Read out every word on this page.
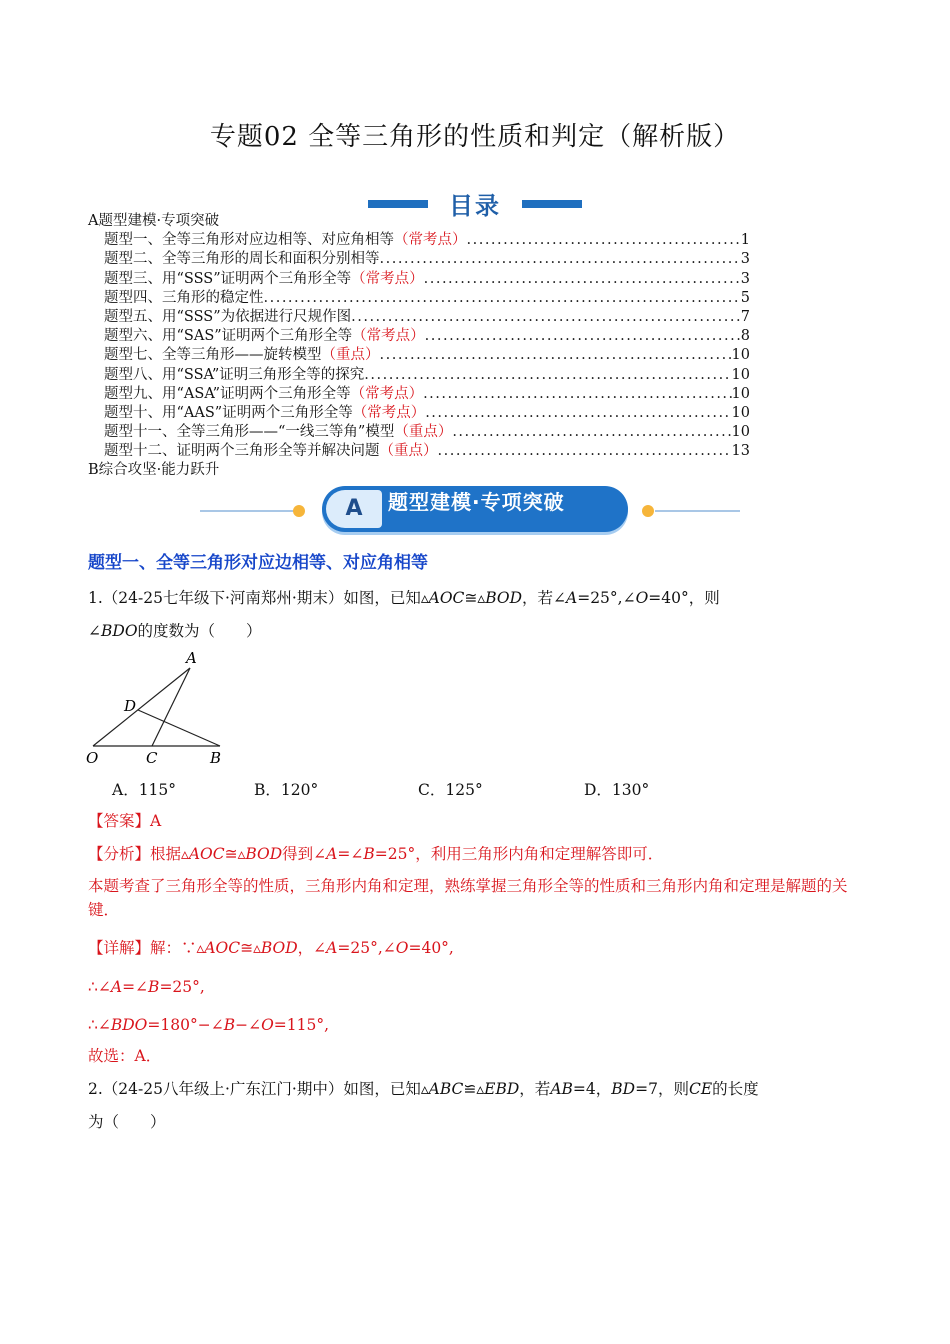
专题02 全等三角形的性质和判定（解析版）
目录
A题型建模·专项突破
题型一、全等三角形对应边相等、对应角相等 （常考点） .....	1
题型二、全等三角形的周长和面积分别相等 .....	3
题型三、用“SSS”证明两个三角形全等 （常考点） .....	3
题型四、三角形的稳定性 .....	5
题型五、用“SSS”为依据进行尺规作图 .....	7
题型六、用“SAS”证明两个三角形全等 （常考点） .....	8
题型七、全等三角形——旋转模型 （重点） .....	10
题型八、用“SSA”证明三角形全等的探究 .....	10
题型九、用“ASA”证明两个三角形全等 （常考点） .....	10
题型十、用“AAS”证明两个三角形全等 （常考点） .....	10
题型十一、全等三角形——“一线三等角”模型 （重点） .....	10
题型十二、证明两个三角形全等并解决问题 （重点） .....	13
B综合攻坚·能力跃升
A	题型建模·专项突破
题型一、全等三角形对应边相等、对应角相等
1.（24-25七年级下·河南郑州·期末）如图，已知▵AOC≅▵BOD，若∠A=25°,∠O=40°，则
∠BDO的度数为（　　）
A
D
O	C	B
A．115°	B．120°	C．125°	D．130°
【答案】A
【分析】根据▵AOC≅▵BOD得到∠A=∠B=25°，利用三角形内角和定理解答即可．
本题考查了三角形全等的性质，三角形内角和定理，熟练掌握三角形全等的性质和三角形内角和定理是解题的关键．
【详解】解：∵▵AOC≅▵BOD，∠A=25°,∠O=40°,
∴∠A=∠B=25°,
∴∠BDO=180°−∠B−∠O=115°,
故选：A．
2.（24-25八年级上·广东江门·期中）如图，已知▵ABC≌▵EBD，若AB=4，BD=7，则CE的长度
为（　　）
